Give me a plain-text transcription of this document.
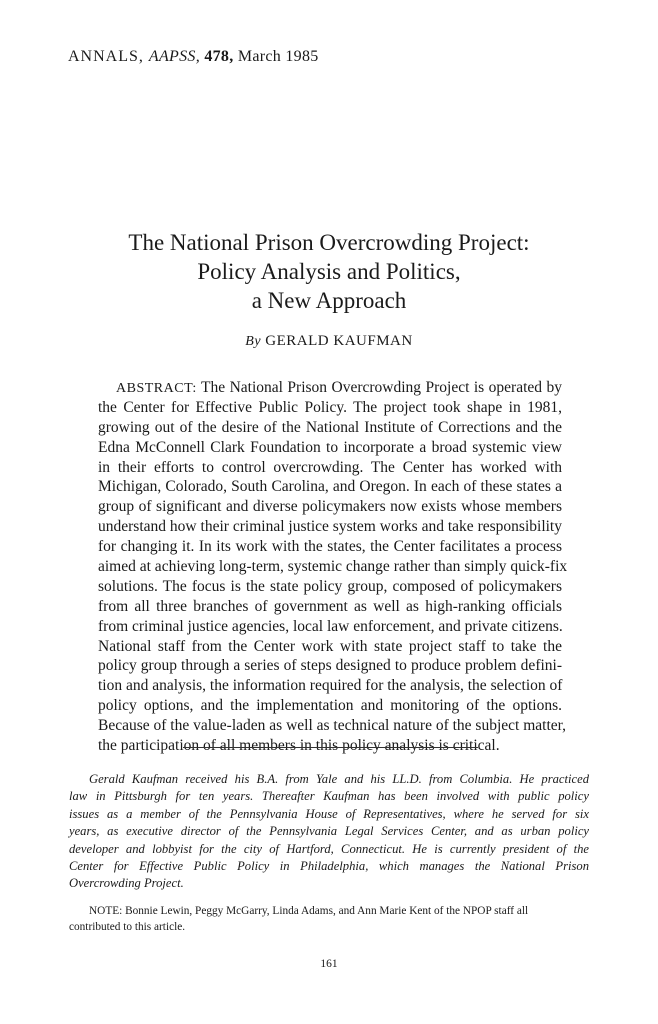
ANNALS, AAPSS, 478, March 1985
The National Prison Overcrowding Project:
Policy Analysis and Politics,
a New Approach
By GERALD KAUFMAN
ABSTRACT: The National Prison Overcrowding Project is operated by
the Center for Effective Public Policy. The project took shape in 1981,
growing out of the desire of the National Institute of Corrections and the
Edna McConnell Clark Foundation to incorporate a broad systemic view
in their efforts to control overcrowding. The Center has worked with
Michigan, Colorado, South Carolina, and Oregon. In each of these states a
group of significant and diverse policymakers now exists whose members
understand how their criminal justice system works and take responsibility
for changing it. In its work with the states, the Center facilitates a process
aimed at achieving long-term, systemic change rather than simply quick-fix
solutions. The focus is the state policy group, composed of policymakers
from all three branches of government as well as high-ranking officials
from criminal justice agencies, local law enforcement, and private citizens.
National staff from the Center work with state project staff to take the
policy group through a series of steps designed to produce problem defini-
tion and analysis, the information required for the analysis, the selection of
policy options, and the implementation and monitoring of the options.
Because of the value-laden as well as technical nature of the subject matter,
the participation of all members in this policy analysis is critical.
Gerald Kaufman received his B.A. from Yale and his LL.D. from Columbia. He practiced
law in Pittsburgh for ten years. Thereafter Kaufman has been involved with public policy
issues as a member of the Pennsylvania House of Representatives, where he served for six
years, as executive director of the Pennsylvania Legal Services Center, and as urban policy
developer and lobbyist for the city of Hartford, Connecticut. He is currently president of the
Center for Effective Public Policy in Philadelphia, which manages the National Prison
Overcrowding Project.
NOTE: Bonnie Lewin, Peggy McGarry, Linda Adams, and Ann Marie Kent of the NPOP staff all
contributed to this article.
161
